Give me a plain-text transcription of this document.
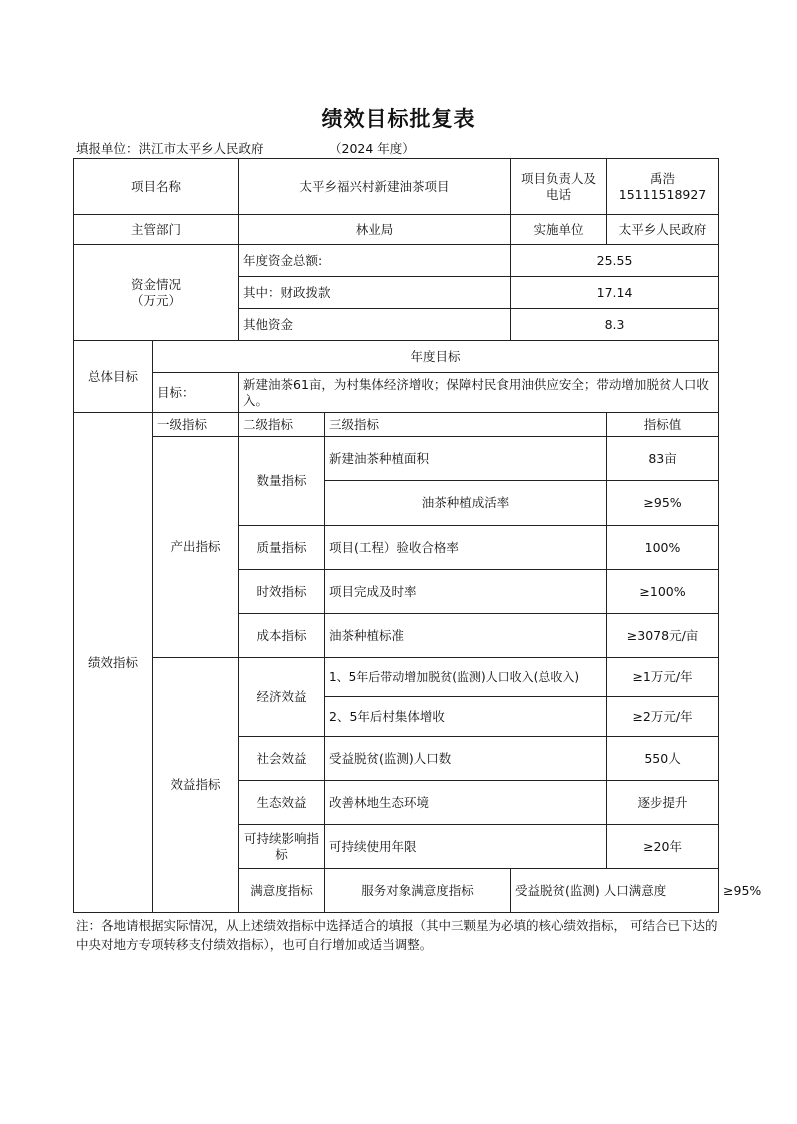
绩效目标批复表
填报单位：洪江市太平乡人民政府	（2024 年度）
项目名称		太平乡福兴村新建油茶项目		项目负责人及电话	禹浩
15111518927	

主管部门		林业局		实施单位	太平乡人民政府	

资金情况
（万元）		年度资金总额:		25.55		
		其中：财政拨款		17.14		
		其他资金		8.3		
总体目标	年度目标					
	目标：	新建油茶61亩，为村集体经济增收；保障村民食用油供应安全；带动增加脱贫人口收入。				
绩效指标	一级指标	二级指标	三级指标		指标值	
	产出指标	数量指标	新建油茶种植面积		83亩	
			油茶种植成活率		≥95%	
		质量指标	项目(工程）验收合格率		100%	
		时效指标	项目完成及时率		≥100%	
		成本指标	油茶种植标准		≥3078元/亩	
	效益指标	经济效益	1、5年后带动增加脱贫(监测)人口收入(总收入)		≥1万元/年	
			2、5年后村集体增收		≥2万元/年	
		社会效益	受益脱贫(监测)人口数		550人	
		生态效益	改善林地生态环境		逐步提升	
		可持续影响指标	可持续使用年限		≥20年	
		满意度指标	服务对象满意度指标	受益脱贫(监测) 人口满意度		≥95%
注：各地请根据实际情况，从上述绩效指标中选择适合的填报（其中三颗星为必填的核心绩效指标， 可结合已下达的中央对地方专项转移支付绩效指标），也可自行增加或适当调整。
